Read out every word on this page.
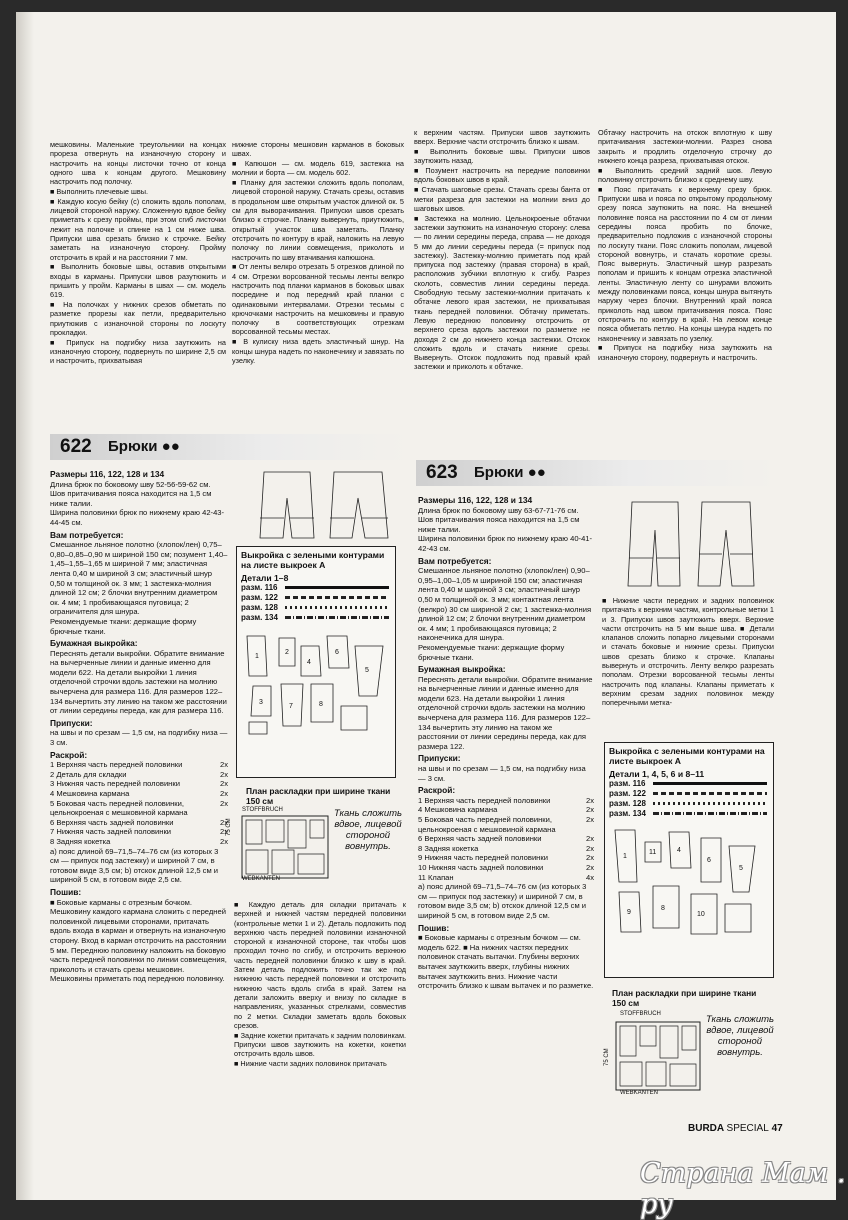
мешковины. Маленькие треугольники на концах прореза отвернуть на изнаночную сторону и настрочить на концы листочки точно от конца одного шва к концам другого. Мешковину настрочить под полочку.

■ Выполнить плечевые швы.

■ Каждую косую бейку (c) сложить вдоль пополам, лицевой стороной наружу. Сложенную вдвое бейку приметать к срезу проймы, при этом сгиб листочки лежит на полочке и спинке на 1 см ниже шва. Припуски шва срезать близко к строчке. Бейку заметать на изнаночную сторону. Пройму отстрочить в край и на расстоянии 7 мм.

■ Выполнить боковые швы, оставив открытыми входы в карманы. Припуски швов разутюжить и пришить у пройм. Карманы в швах — см. модель 619.

■ На полочках у нижних срезов обметать по разметке прорезы как петли, предварительно приутюжив с изнаночной стороны по лоскуту прокладки.

■ Припуск на подгибку низа заутюжить на изнаночную сторону, подвернуть по ширине 2,5 см и настрочить, прихватывая

нижние стороны мешковин карманов в боковых швах.

■ Капюшон — см. модель 619, застежка на молнии и борта — см. модель 602.

■ Планку для застежки сложить вдоль пополам, лицевой стороной наружу. Стачать срезы, оставив в продольном шве открытым участок длиной ок. 5 см для выворачивания. Припуски швов срезать близко к строчке. Планку вывернуть, приутюжить, открытый участок шва заметать. Планку отстрочить по контуру в край, наложить на левую полочку по линии совмещения, приколоть и настрочить по шву втачивания капюшона.

■ От ленты велкро отрезать 5 отрезков длиной по 4 см. Отрезки ворсованной тесьмы ленты велкро настрочить под планки карманов в боковых швах посредине и под передний край планки с одинаковыми интервалами. Отрезки тесьмы с крючочками настрочить на мешковины и правую полочку в соответствующих отрезкам ворсованной тесьмы местах.

■ В кулиску низа вдеть эластичный шнур. На концы шнура надеть по наконечнику и завязать по узелку.

к верхним частям. Припуски швов заутюжить вверх. Верхние части отстрочить близко к швам.

■ Выполнить боковые швы. Припуски швов заутюжить назад.

■ Позумент настрочить на передние половинки вдоль боковых швов в край.

■ Стачать шаговые срезы. Стачать срезы банта от метки разреза для застежки на молнии вниз до шаговых швов.

■ Застежка на молнию. Цельнокроеные обтачки застежки заутюжить на изнаночную сторону: слева — по линии середины переда, справа — не доходя 5 мм до линии середины переда (= припуск под застежку). Застежку-молнию приметать под край припуска под застежку (правая сторона) в край, расположив зубчики вплотную к сгибу. Разрез сколоть, совместив линии середины переда. Свободную тесьму застежки-молнии притачать к обтачке левого края застежки, не прихватывая ткань передней половинки. Обтачку приметать. Левую переднюю половинку отстрочить от верхнего среза вдоль застежки по разметке не доходя 2 см до нижнего конца застежки. Отскок сложить вдоль и стачать нижние срезы. Вывернуть. Отскок подложить под правый край застежки и приколоть к обтачке.

Обтачку настрочить на отскок вплотную к шву притачивания застежки-молнии. Разрез снова закрыть и продлить отделочную строчку до нижнего конца разреза, прихватывая отскок.

■ Выполнить средний задний шов. Левую половинку отстрочить близко к среднему шву.

■ Пояс притачать к верхнему срезу брюк. Припуски шва и пояса по открытому продольному срезу пояса заутюжить на пояс. На внешней половинке пояса на расстоянии по 4 см от линии середины пояса пробить по блочке, предварительно подложив с изнаночной стороны по лоскуту ткани. Пояс сложить пополам, лицевой стороной вовнутрь, и стачать короткие срезы. Пояс вывернуть. Эластичный шнур разрезать пополам и пришить к концам отрезка эластичной ленты. Эластичную ленту со шнурами вложить между половинками пояса, концы шнура вытянуть наружу через блочки. Внутренний край пояса приколоть над швом притачивания пояса. Пояс отстрочить по контуру в край. На левом конце пояса обметать петлю. На концы шнура надеть по наконечнику и завязать по узелку.

■ Припуск на подгибку низа заутюжить на изнаночную сторону, подвернуть и настрочить.

622 Брюки ●●
Размеры 116, 122, 128 и 134
Длина брюк по боковому шву 52-56-59-62 см.
Шов притачивания пояса находится на 1,5 см ниже талии.
Ширина половинки брюк по нижнему краю 42-43-44-45 см.
Вам потребуется:
Смешанное льняное полотно (хлопок/лен) 0,75–0,80–0,85–0,90 м шириной 150 см; позумент 1,40–1,45–1,55–1,65 м шириной 7 мм; эластичная лента 0,40 м шириной 3 см; эластичный шнур 0,50 м толщиной ок. 3 мм; 1 застежка-молния длиной 12 см; 2 блочки внутренним диаметром ок. 4 мм; 1 пробивающаяся пуговица; 2 ограничителя для шнура.
Рекомендуемые ткани: держащие форму брючные ткани.
Бумажная выкройка:
Переснять детали выкройки. Обратите внимание на вычерченные линии и данные именно для модели 622. На детали выкройки 1 линия отделочной строчки вдоль застежки на молнию вычерчена для размера 116. Для размеров 122–134 вычертить эту линию на таком же расстоянии от линии середины переда, как для размера 116.
Припуски:
на швы и по срезам — 1,5 см, на подгибку низа — 3 см.
Раскрой:
1 Верхняя часть передней половинки	2x
2 Деталь для складки	2x
3 Нижняя часть передней половинки	2x
4 Мешковина кармана	2x
5 Боковая часть передней половинки, цельнокроеная с мешковиной кармана
2x
6 Верхняя часть задней половинки	2x
7 Нижняя часть задней половинки	2x
8 Задняя кокетка	2x
a) пояс длиной 69–71,5–74–76 см (из которых 3 см — припуск под застежку) и шириной 7 см, в готовом виде 3,5 см; b) отскок длиной 12,5 см и шириной 5 см, в готовом виде 2,5 см.
Пошив:
■ Боковые карманы с отрезным бочком. Мешковину каждого кармана сложить с передней половинкой лицевыми сторонами, притачать вдоль входа в карман и отвернуть на изнаночную сторону. Вход в карман отстрочить на расстоянии 5 мм. Переднюю половинку наложить на боковую часть передней половинки по линии совмещения, приколоть и стачать срезы мешковин. Мешковины приметать под переднюю половинку.
Выкройка с зелеными контурами на листе выкроек A
Детали 1–8
разм. 116
разм. 122
разм. 128
разм. 134
1
3
2
4
6
5
7	8
План раскладки при ширине ткани 150 см
STOFFBRUCH
WEBKANTEN
75 CM
Ткань сложить вдвое, лицевой стороной вовнутрь.

■ Каждую деталь для складки притачать к верхней и нижней частям передней половинки (контрольные метки 1 и 2). Деталь подложить под верхнюю часть передней половинки изнаночной стороной к изнаночной стороне, так чтобы шов проходил точно по сгибу, и отстрочить верхнюю часть передней половинки близко к шву в край. Затем деталь подложить точно так же под нижнюю часть передней половинки и отстрочить нижнюю часть вдоль сгиба в край. Затем на детали заложить вверху и внизу по складке в направлениях, указанных стрелками, совместив по 2 метки. Складки заметать вдоль боковых срезов.

■ Задние кокетки притачать к задним половинкам. Припуски швов заутюжить на кокетки, кокетки отстрочить вдоль швов.

■ Нижние части задних половинок притачать

623 Брюки ●●
Размеры 116, 122, 128 и 134
Длина брюк по боковому шву 63-67-71-76 см.
Шов притачивания пояса находится на 1,5 см ниже талии.
Ширина половинки брюк по нижнему краю 40-41-42-43 см.
Вам потребуется:
Смешанное льняное полотно (хлопок/лен) 0,90–0,95–1,00–1,05 м шириной 150 см; эластичная лента 0,40 м шириной 3 см; эластичный шнур 0,50 м толщиной ок. 3 мм; контактная лента (велкро) 30 см шириной 2 см; 1 застежка-молния длиной 12 см; 2 блочки внутренним диаметром ок. 4 мм; 1 пробивающаяся пуговица; 2 наконечника для шнура.
Рекомендуемые ткани: держащие форму брючные ткани.
Бумажная выкройка:
Переснять детали выкройки. Обратите внимание на вычерченные линии и данные именно для модели 623. На детали выкройки 1 линия отделочной строчки вдоль застежки на молнию вычерчена для размера 116. Для размеров 122–134 вычертить эту линию на таком же расстоянии от линии середины переда, как для размера 122.
Припуски:
на швы и по срезам — 1,5 см, на подгибку низа — 3 см.
Раскрой:
1 Верхняя часть передней половинки	2x
4 Мешковина кармана	2x
5 Боковая часть передней половинки, цельнокроеная с мешковиной кармана
2x
6 Верхняя часть задней половинки	2x
8 Задняя кокетка	2x
9 Нижняя часть передней половинки	2x
10 Нижняя часть задней половинки	2x
11 Клапан	4x
a) пояс длиной 69–71,5–74–76 см (из которых 3 см — припуск под застежку) и шириной 7 см, в готовом виде 3,5 см; b) отскок длиной 12,5 см и шириной 5 см, в готовом виде 2,5 см.
Пошив:
■ Боковые карманы с отрезным бочком — см. модель 622. ■ На нижних частях передних половинок стачать вытачки. Глубины верхних вытачек заутюжить вверх, глубины нижних вытачек заутюжить вниз. Нижние части отстрочить близко к швам вытачек и по разметке.

■ Нижние части передних и задних половинок притачать к верхним частям, контрольные метки 1 и 3. Припуски швов заутюжить вверх. Верхние части отстрочить на 5 мм выше шва. ■ Детали клапанов сложить попарно лицевыми сторонами и стачать боковые и нижние срезы. Припуски швов срезать близко к строчке. Клапаны вывернуть и отстрочить. Ленту велкро разрезать пополам. Отрезки ворсованной тесьмы ленты настрочить под клапаны. Клапаны приметать к верхним срезам задних половинок между поперечными метка-

Выкройка с зелеными контурами на листе выкроек A
Детали 1, 4, 5, 6 и 8–11
разм. 116
разм. 122
разм. 128
разм. 134
1
11	4
6
5
9
8
10
План раскладки при ширине ткани 150 см
STOFFBRUCH
WEBKANTEN
75 CM
Ткань сложить вдвое, лицевой стороной вовнутрь.
BURDA SPECIAL 47
Страна Мам . ру
